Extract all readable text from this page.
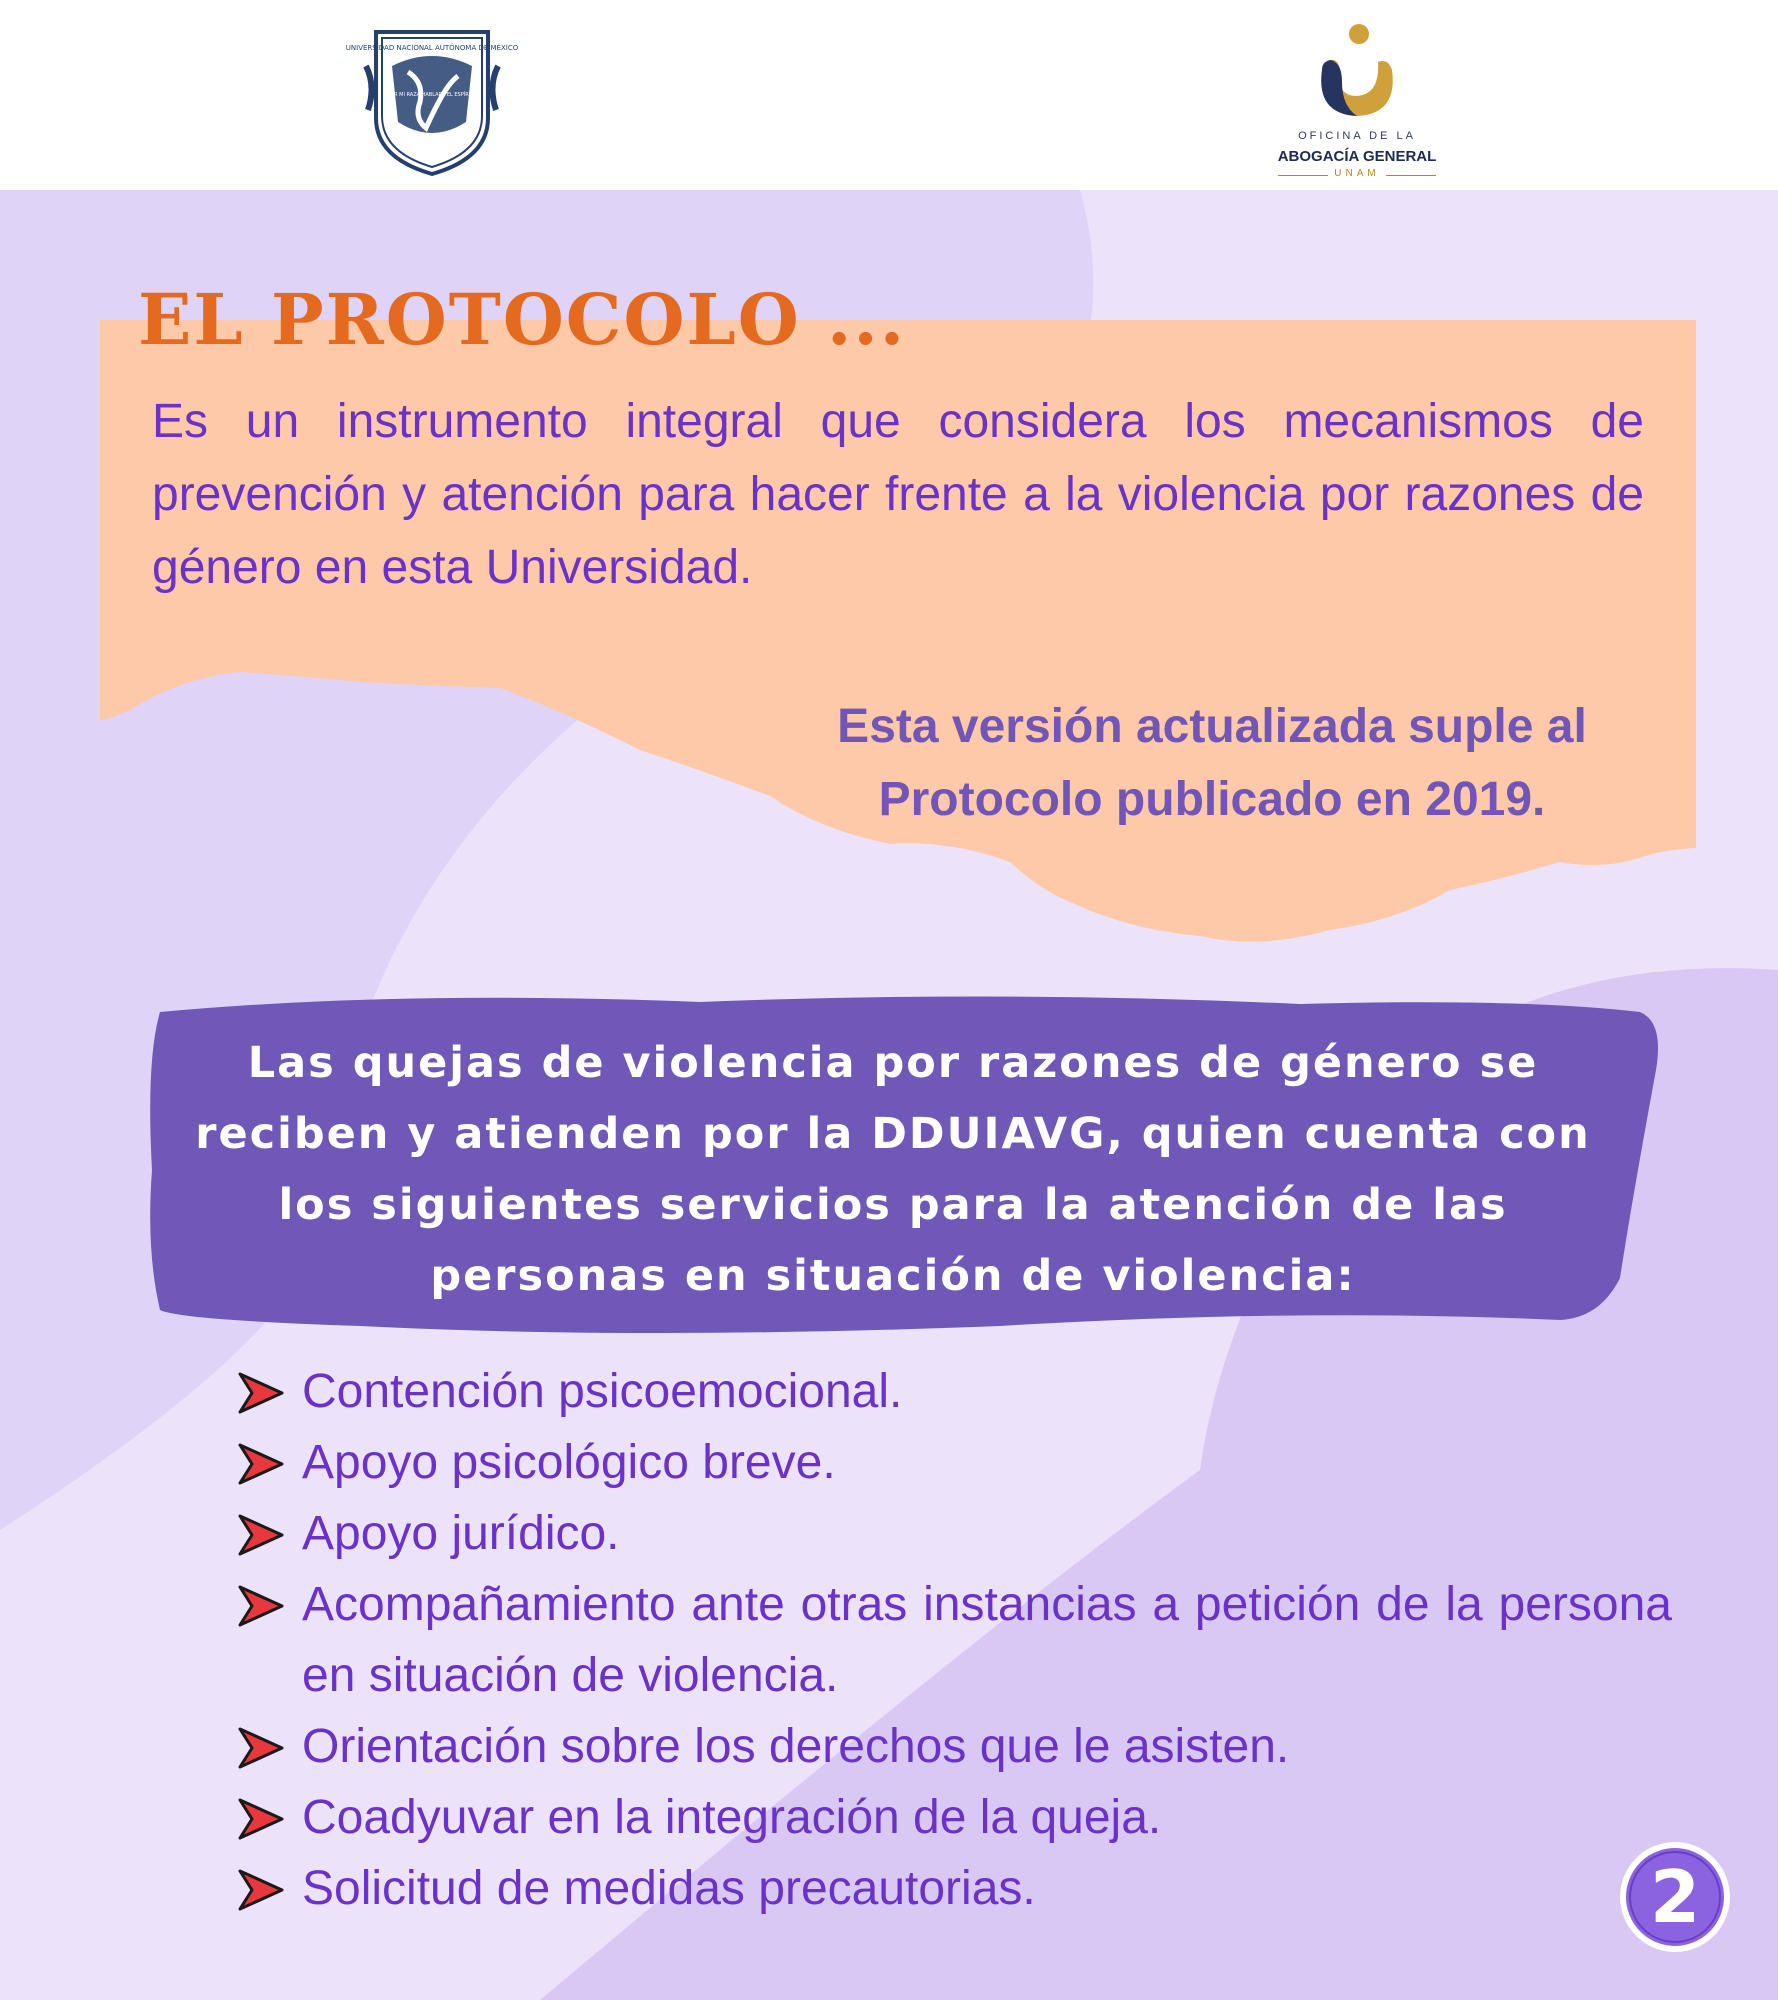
UNIVERSIDAD NACIONAL AUTÓNOMA DE MÉXICO
POR MI RAZA HABLARÁ EL ESPÍRITU
OFICINA DE LA
ABOGACÍA GENERAL
UNAM
EL PROTOCOLO ...

Es un instrumento integral que considera los mecanismos de prevención y atención para hacer frente a la violencia por razones de género en esta Universidad.

Esta versión actualizada suple al Protocolo publicado en 2019.

Las quejas de violencia por razones de género se reciben y atienden por la DDUIAVG, quien cuenta con los siguientes servicios para la atención de las personas en situación de violencia:

Contención psicoemocional.
Apoyo psicológico breve.
Apoyo jurídico.
Acompañamiento ante otras instancias a petición de la persona en situación de violencia.
Orientación sobre los derechos que le asisten.
Coadyuvar en la integración de la queja.
Solicitud de medidas precautorias.	2
